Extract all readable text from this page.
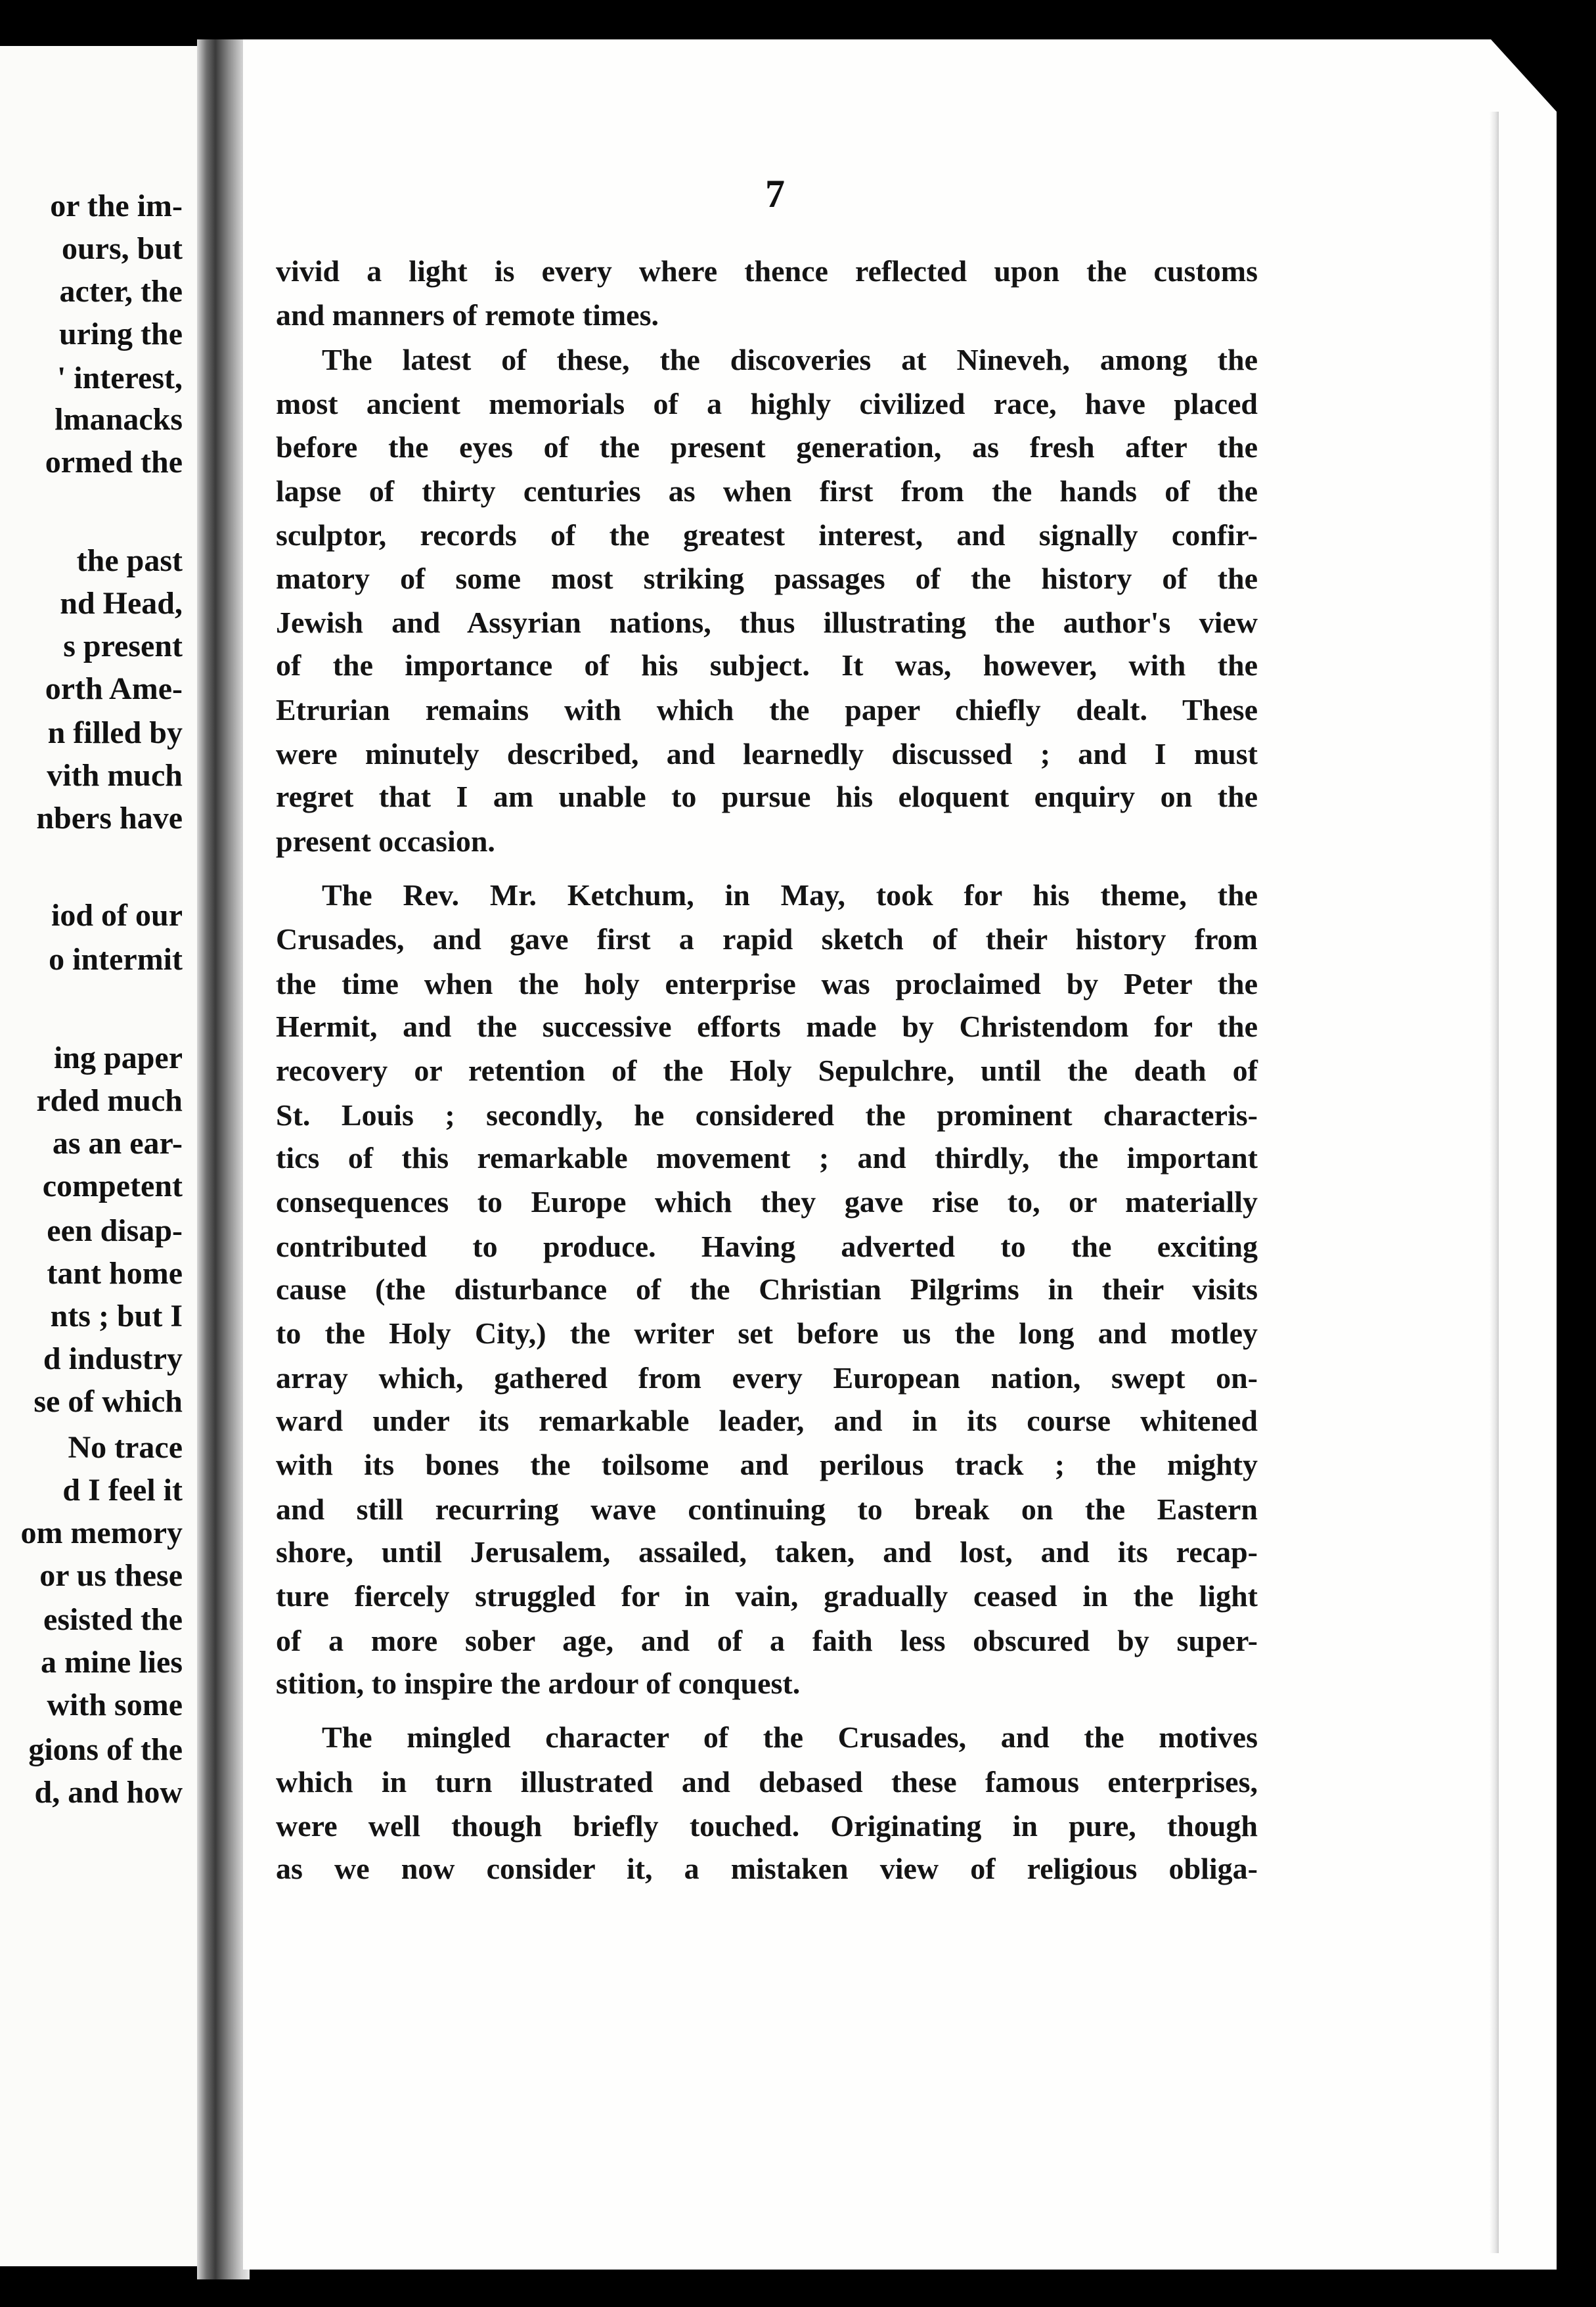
or the im-
ours, but
acter, the
uring the
' interest,
lmanacks
ormed the
the past
nd Head,
s present
orth Ame-
n filled by
vith much
nbers have
iod of our
o intermit
ing paper
rded much
as an ear-
competent
een disap-
tant home
nts ; but I
d industry
se of which
No trace
d I feel it
om memory
or us these
esisted the
a mine lies
with some
gions of the
d, and how
7
vivid a light is every where thence reflected upon the customs
and manners of remote times.
The latest of these, the discoveries at Nineveh, among the
most ancient memorials of a highly civilized race, have placed
before the eyes of the present generation, as fresh after the
lapse of thirty centuries as when first from the hands of the
sculptor, records of the greatest interest, and signally confir-
matory of some most striking passages of the history of the
Jewish and Assyrian nations, thus illustrating the author's view
of the importance of his subject. It was, however, with the
Etrurian remains with which the paper chiefly dealt. These
were minutely described, and learnedly discussed ; and I must
regret that I am unable to pursue his eloquent enquiry on the
present occasion.
The Rev. Mr. Ketchum, in May, took for his theme, the
Crusades, and gave first a rapid sketch of their history from
the time when the holy enterprise was proclaimed by Peter the
Hermit, and the successive efforts made by Christendom for the
recovery or retention of the Holy Sepulchre, until the death of
St. Louis ; secondly, he considered the prominent characteris-
tics of this remarkable movement ; and thirdly, the important
consequences to Europe which they gave rise to, or materially
contributed to produce. Having adverted to the exciting
cause (the disturbance of the Christian Pilgrims in their visits
to the Holy City,) the writer set before us the long and motley
array which, gathered from every European nation, swept on-
ward under its remarkable leader, and in its course whitened
with its bones the toilsome and perilous track ; the mighty
and still recurring wave continuing to break on the Eastern
shore, until Jerusalem, assailed, taken, and lost, and its recap-
ture fiercely struggled for in vain, gradually ceased in the light
of a more sober age, and of a faith less obscured by super-
stition, to inspire the ardour of conquest.
The mingled character of the Crusades, and the motives
which in turn illustrated and debased these famous enterprises,
were well though briefly touched. Originating in pure, though
as we now consider it, a mistaken view of religious obliga-
